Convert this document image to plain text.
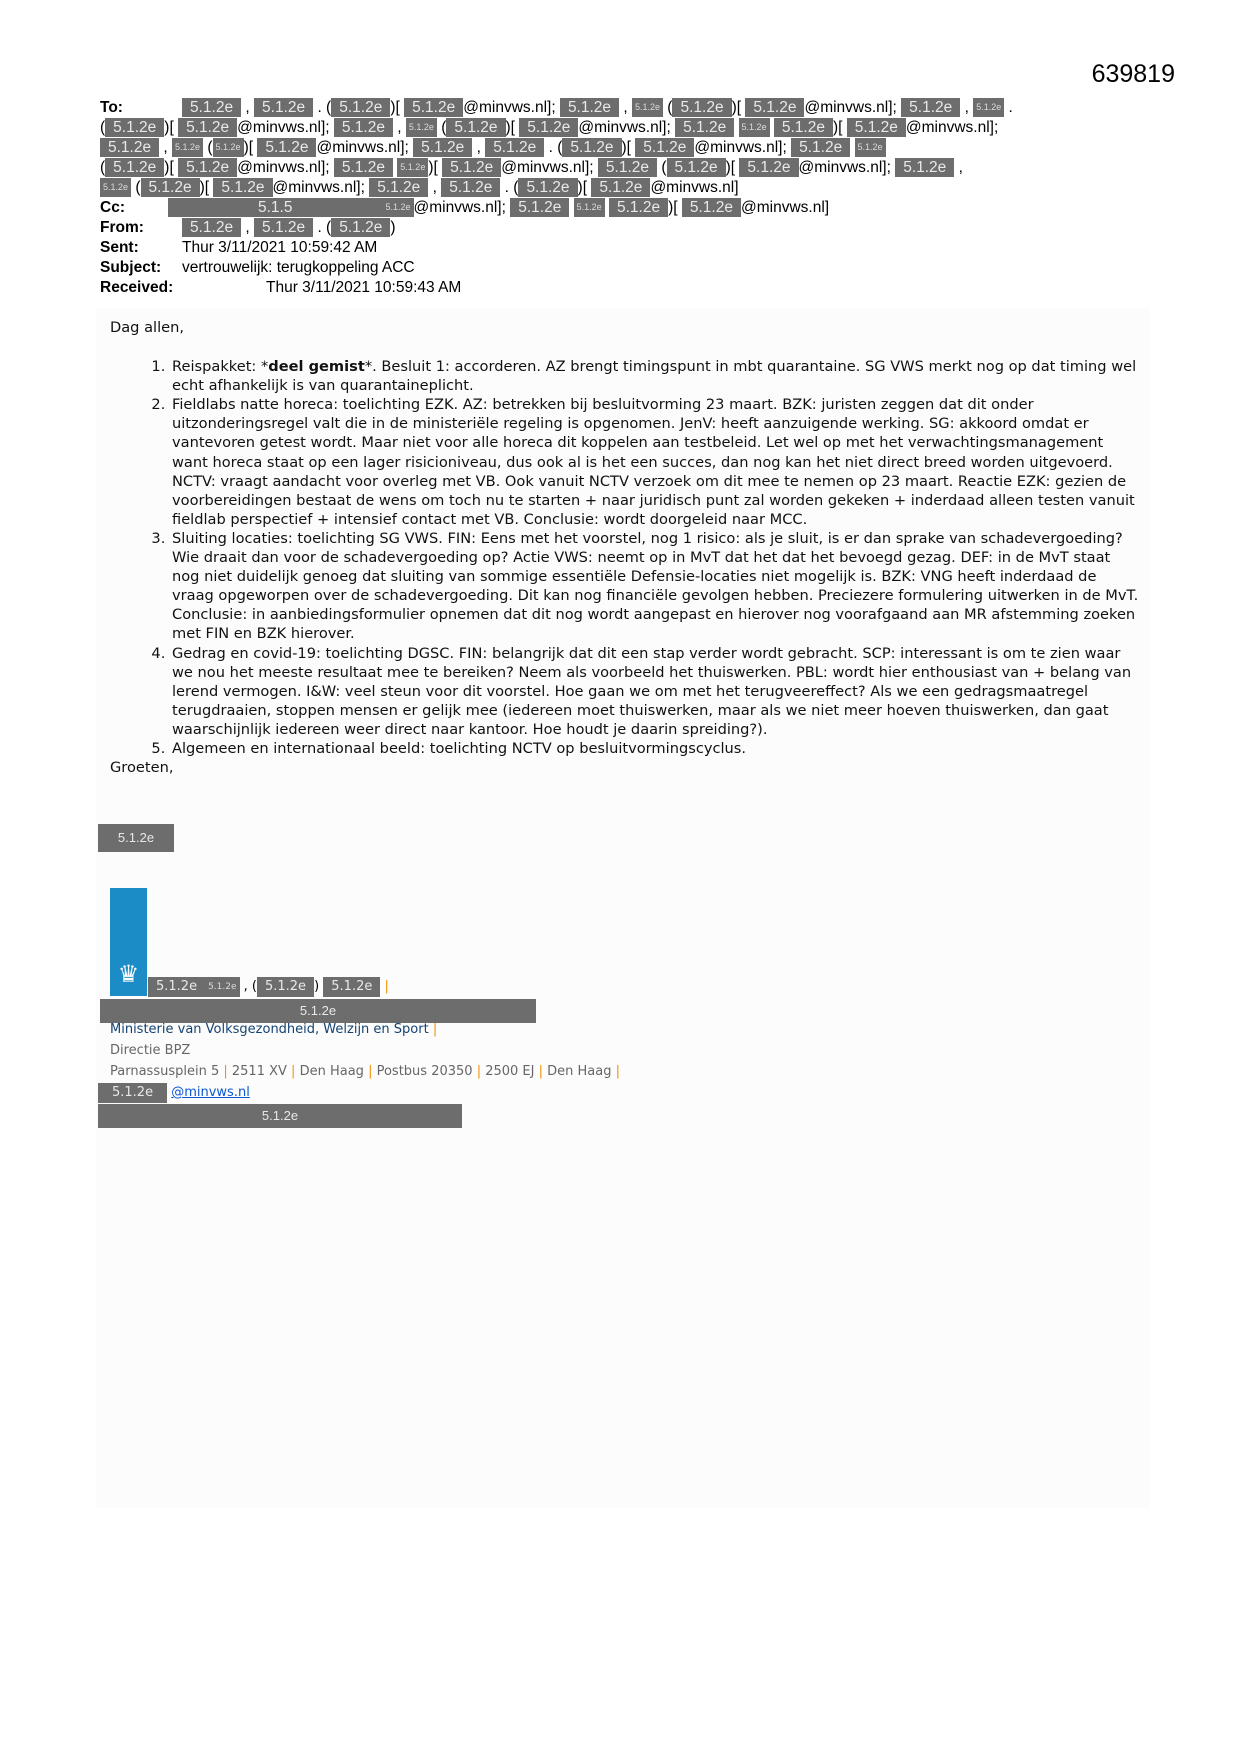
639819
To:	5.1.2e , 5.1.2e . ( 5.1.2e )[ 5.1.2e @minvws.nl]; 5.1.2e , 5.1.2e ( 5.1.2e )[ 5.1.2e @minvws.nl]; 5.1.2e , 5.1.2e .
( 5.1.2e )[ 5.1.2e @minvws.nl]; 5.1.2e , 5.1.2e ( 5.1.2e )[ 5.1.2e @minvws.nl]; 5.1.2e 5.1.2e 5.1.2e )[ 5.1.2e @minvws.nl];
5.1.2e , 5.1.2e ( 5.1.2e )[ 5.1.2e @minvws.nl]; 5.1.2e , 5.1.2e . ( 5.1.2e )[ 5.1.2e @minvws.nl]; 5.1.2e 5.1.2e
( 5.1.2e )[ 5.1.2e @minvws.nl]; 5.1.2e 5.1.2e )[ 5.1.2e @minvws.nl]; 5.1.2e ( 5.1.2e )[ 5.1.2e @minvws.nl]; 5.1.2e ,
5.1.2e ( 5.1.2e )[ 5.1.2e @minvws.nl]; 5.1.2e , 5.1.2e . ( 5.1.2e )[ 5.1.2e @minvws.nl]
Cc:	5.1.5	5.1.2e @minvws.nl]; 5.1.2e 5.1.2e 5.1.2e )[ 5.1.2e @minvws.nl]
From:	5.1.2e , 5.1.2e . ( 5.1.2e )
Sent:	Thur 3/11/2021 10:59:42 AM
Subject: vertrouwelijk: terugkoppeling ACC
Received:	Thur 3/11/2021 10:59:43 AM

Dag allen,

1. Reispakket: *deel gemist*. Besluit 1: accorderen. AZ brengt timingspunt in mbt quarantaine. SG VWS merkt nog op dat timing wel echt afhankelijk is van quarantaineplicht.
2. Fieldlabs natte horeca: toelichting EZK. AZ: betrekken bij besluitvorming 23 maart. BZK: juristen zeggen dat dit onder uitzonderingsregel valt die in de ministeriële regeling is opgenomen. JenV: heeft aanzuigende werking. SG: akkoord omdat er vantevoren getest wordt. Maar niet voor alle horeca dit koppelen aan testbeleid. Let wel op met het verwachtingsmanagement want horeca staat op een lager risicioniveau, dus ook al is het een succes, dan nog kan het niet direct breed worden uitgevoerd. NCTV: vraagt aandacht voor overleg met VB. Ook vanuit NCTV verzoek om dit mee te nemen op 23 maart. Reactie EZK: gezien de voorbereidingen bestaat de wens om toch nu te starten + naar juridisch punt zal worden gekeken + inderdaad alleen testen vanuit fieldlab perspectief + intensief contact met VB. Conclusie: wordt doorgeleid naar MCC.
3. Sluiting locaties: toelichting SG VWS. FIN: Eens met het voorstel, nog 1 risico: als je sluit, is er dan sprake van schadevergoeding? Wie draait dan voor de schadevergoeding op? Actie VWS: neemt op in MvT dat het dat het bevoegd gezag. DEF: in de MvT staat nog niet duidelijk genoeg dat sluiting van sommige essentiële Defensie-locaties niet mogelijk is. BZK: VNG heeft inderdaad de vraag opgeworpen over de schadevergoeding. Dit kan nog financiële gevolgen hebben. Preciezere formulering uitwerken in de MvT. Conclusie: in aanbiedingsformulier opnemen dat dit nog wordt aangepast en hierover nog voorafgaand aan MR afstemming zoeken met FIN en BZK hierover.
4. Gedrag en covid-19: toelichting DGSC. FIN: belangrijk dat dit een stap verder wordt gebracht. SCP: interessant is om te zien waar we nou het meeste resultaat mee te bereiken? Neem als voorbeeld het thuiswerken. PBL: wordt hier enthousiast van + belang van lerend vermogen. I&W: veel steun voor dit voorstel. Hoe gaan we om met het terugveereffect? Als we een gedragsmaatregel terugdraaien, stoppen mensen er gelijk mee (iedereen moet thuiswerken, maar als we niet meer hoeven thuiswerken, dan gaat waarschijnlijk iedereen weer direct naar kantoor. Hoe houdt je daarin spreiding?).
5. Algemeen en internationaal beeld: toelichting NCTV op besluitvormingscyclus.

Groeten,

5.1.2e
♛	5.1.2e 5.1.2e , ( 5.1.2e ) 5.1.2e |
5.1.2e
Ministerie van Volksgezondheid, Welzijn en Sport |
Directie BPZ
Parnassusplein 5 | 2511 XV | Den Haag | Postbus 20350 | 2500 EJ | Den Haag |
5.1.2e @minvws.nl
5.1.2e
